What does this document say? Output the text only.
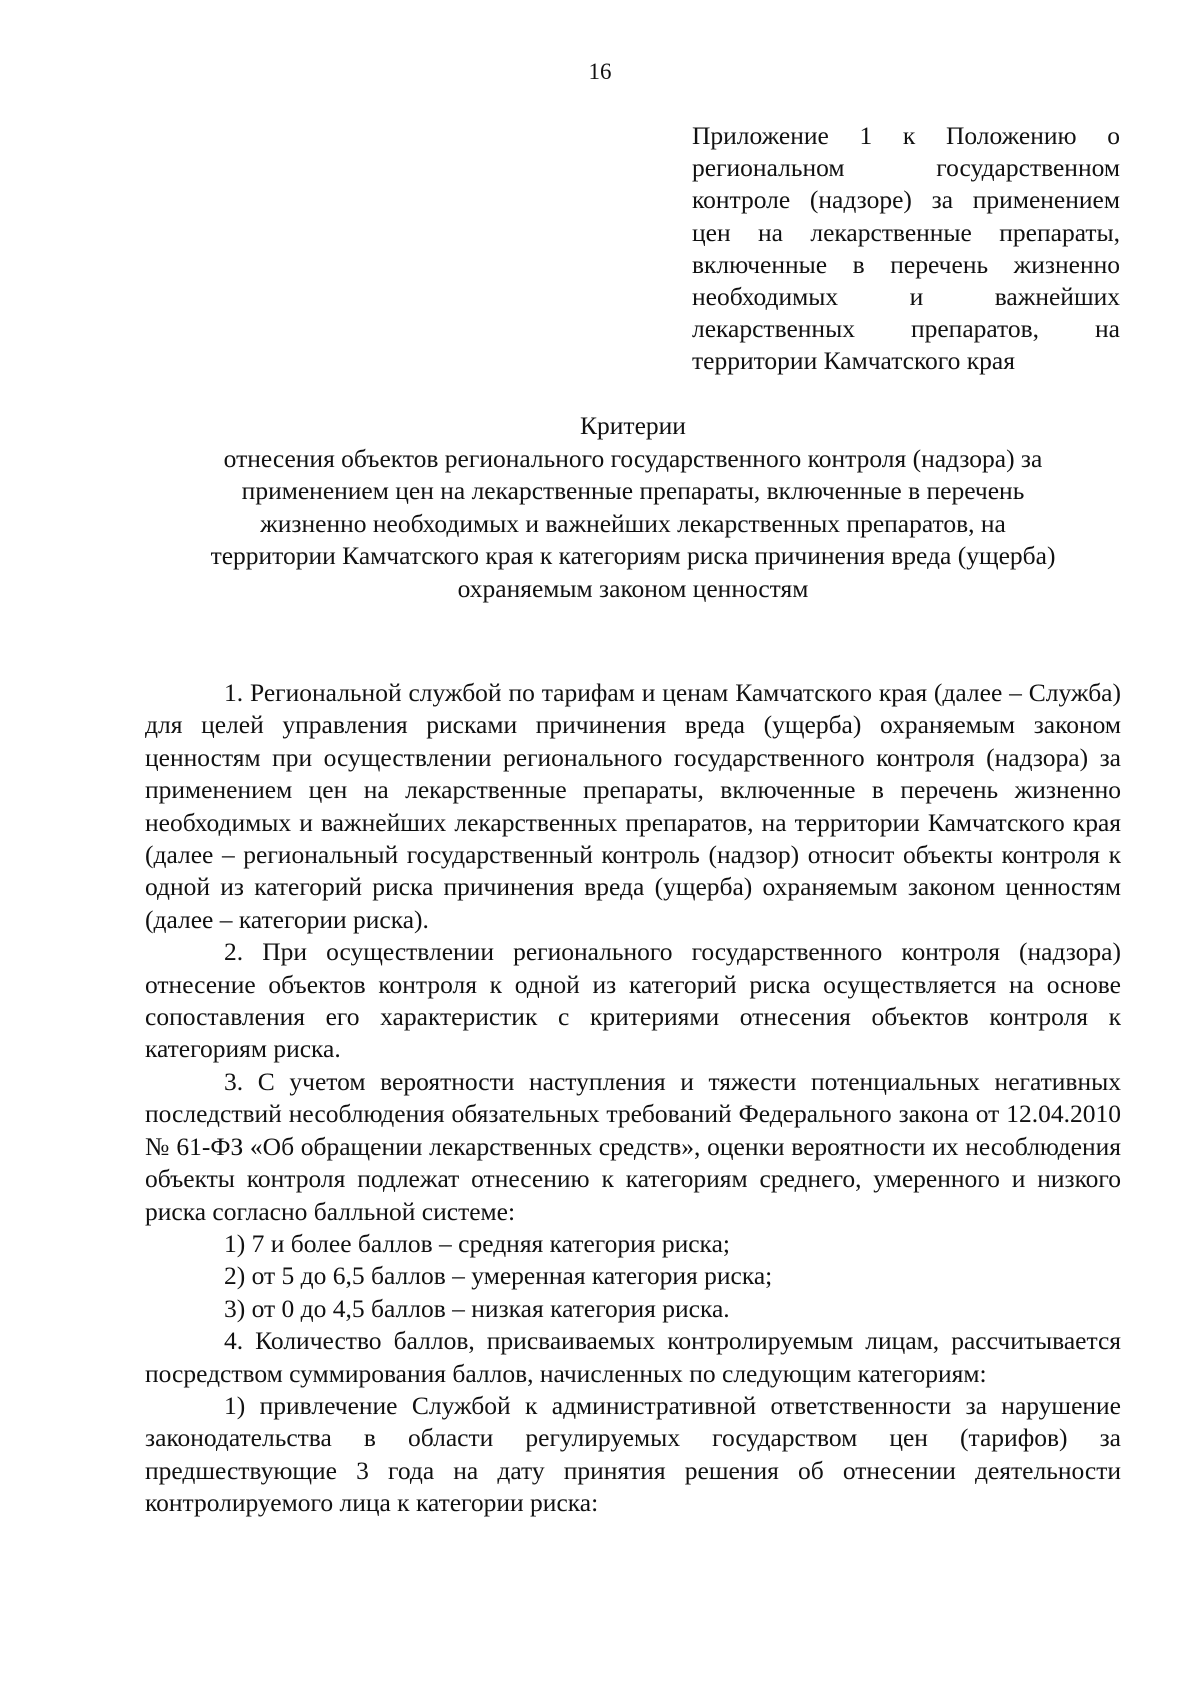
16
Приложение 1 к Положению о региональном государственном контроле (надзоре) за применением цен на лекарственные препараты, включенные в перечень жизненно необходимых и важнейших лекарственных препаратов, на территории Камчатского края
Критерии
отнесения объектов регионального государственного контроля (надзора) за
применением цен на лекарственные препараты, включенные в перечень
жизненно необходимых и важнейших лекарственных препаратов, на
территории Камчатского края к категориям риска причинения вреда (ущерба)
охраняемым законом ценностям

1. Региональной службой по тарифам и ценам Камчатского края (далее – Служба) для целей управления рисками причинения вреда (ущерба) охраняемым законом ценностям при осуществлении регионального государственного контроля (надзора) за применением цен на лекарственные препараты, включенные в перечень жизненно необходимых и важнейших лекарственных препаратов, на территории Камчатского края (далее – региональный государственный контроль (надзор) относит объекты контроля к одной из категорий риска причинения вреда (ущерба) охраняемым законом ценностям (далее – категории риска).

2. При осуществлении регионального государственного контроля (надзора) отнесение объектов контроля к одной из категорий риска осуществляется на основе сопоставления его характеристик с критериями отнесения объектов контроля к категориям риска.

3. С учетом вероятности наступления и тяжести потенциальных негативных последствий несоблюдения обязательных требований Федерального закона от 12.04.2010 № 61-ФЗ «Об обращении лекарственных средств», оценки вероятности их несоблюдения объекты контроля подлежат отнесению к категориям среднего, умеренного и низкого риска согласно балльной системе:

1) 7 и более баллов – средняя категория риска;

2) от 5 до 6,5 баллов – умеренная категория риска;

3) от 0 до 4,5 баллов – низкая категория риска.

4. Количество баллов, присваиваемых контролируемым лицам, рассчитывается посредством суммирования баллов, начисленных по следующим категориям:

1) привлечение Службой к административной ответственности за нарушение законодательства в области регулируемых государством цен (тарифов) за предшествующие 3 года на дату принятия решения об отнесении деятельности контролируемого лица к категории риска:
